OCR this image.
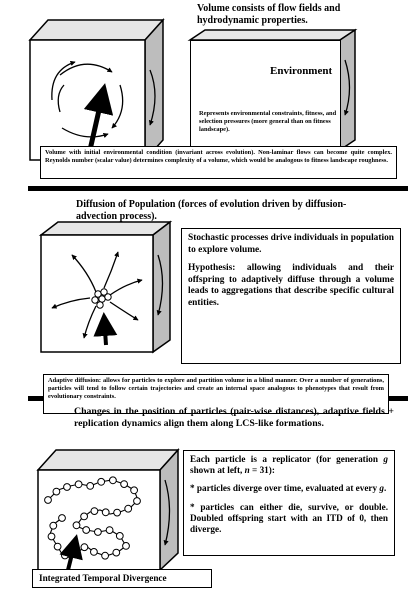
Volume consists of flow fields and hydrodynamic properties.
Environment
Represents environmental constraints, fitness, and selection pressures (more general than on fitness landscape).
Volume with initial environmental condition (invariant across evolution). Non-laminar flows can become quite complex. Reynolds number (scalar value) determines complexity of a volume, which would be analogous to fitness landscape roughness.
Diffusion of Population (forces of evolution driven by diffusion-advection process).
Stochastic processes drive individuals in population to explore volume.
Hypothesis: allowing individuals and their offspring to adaptively diffuse through a volume leads to aggregations that describe specific cultural entities.
Adaptive diffusion: allows for particles to explore and partition volume in a blind manner. Over a number of generations, particles will tend to follow certain trajectories and create an internal space analogous to phenotypes that result from evolutionary constraints.
Changes in the position of particles (pair-wise distances), adaptive fields + replication dynamics align them along LCS-like formations.
Each particle is a replicator (for generation g shown at left, n = 31):
* particles diverge over time, evaluated at every g.
* particles can either die, survive, or double. Doubled offspring start with an ITD of 0, then diverge.
Integrated Temporal Divergence
